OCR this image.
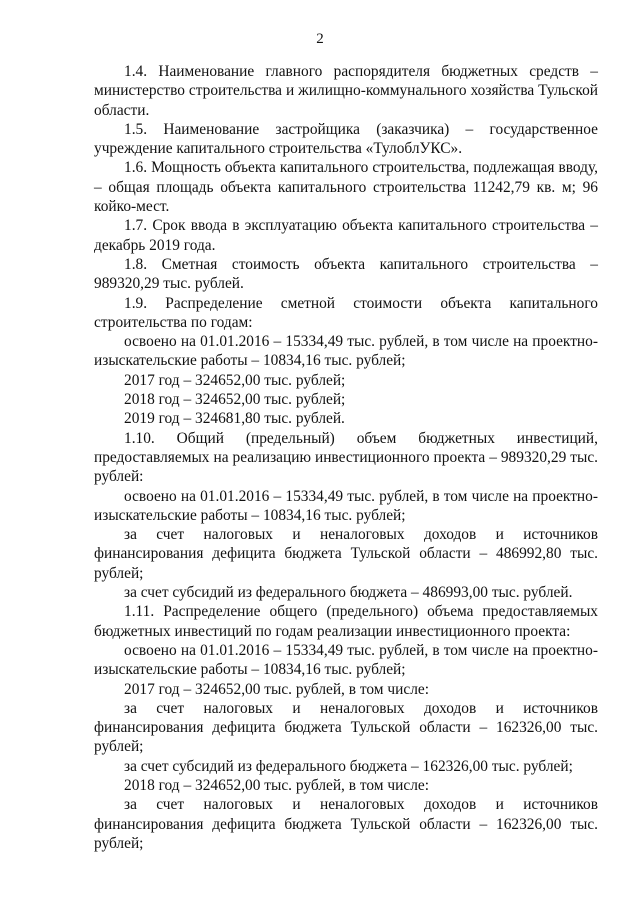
2

1.4. Наименование главного распорядителя бюджетных средств – министерство строительства и жилищно-коммунального хозяйства Тульской области.

1.5. Наименование застройщика (заказчика) – государственное учреждение капитального строительства «ТулоблУКС».

1.6. Мощность объекта капитального строительства, подлежащая вводу, – общая площадь объекта капитального строительства 11242,79 кв. м; 96 койко-мест.

1.7. Срок ввода в эксплуатацию объекта капитального строительства – декабрь 2019 года.

1.8. Сметная стоимость объекта капитального строительства – 989320,29 тыс. рублей.

1.9. Распределение сметной стоимости объекта капитального строительства по годам:

освоено на 01.01.2016 – 15334,49 тыс. рублей, в том числе на проектно-изыскательские работы – 10834,16 тыс. рублей;

2017 год – 324652,00 тыс. рублей;

2018 год – 324652,00 тыс. рублей;

2019 год – 324681,80 тыс. рублей.

1.10. Общий (предельный) объем бюджетных инвестиций, предоставляемых на реализацию инвестиционного проекта – 989320,29 тыс. рублей:

освоено на 01.01.2016 – 15334,49 тыс. рублей, в том числе на проектно-изыскательские работы – 10834,16 тыс. рублей;

за счет налоговых и неналоговых доходов и источников финансирования дефицита бюджета Тульской области – 486992,80 тыс. рублей;

за счет субсидий из федерального бюджета – 486993,00 тыс. рублей.

1.11. Распределение общего (предельного) объема предоставляемых бюджетных инвестиций по годам реализации инвестиционного проекта:

освоено на 01.01.2016 – 15334,49 тыс. рублей, в том числе на проектно-изыскательские работы – 10834,16 тыс. рублей;

2017 год – 324652,00 тыс. рублей, в том числе:

за счет налоговых и неналоговых доходов и источников финансирования дефицита бюджета Тульской области – 162326,00 тыс. рублей;

за счет субсидий из федерального бюджета – 162326,00 тыс. рублей;

2018 год – 324652,00 тыс. рублей, в том числе:

за счет налоговых и неналоговых доходов и источников финансирования дефицита бюджета Тульской области – 162326,00 тыс. рублей;
